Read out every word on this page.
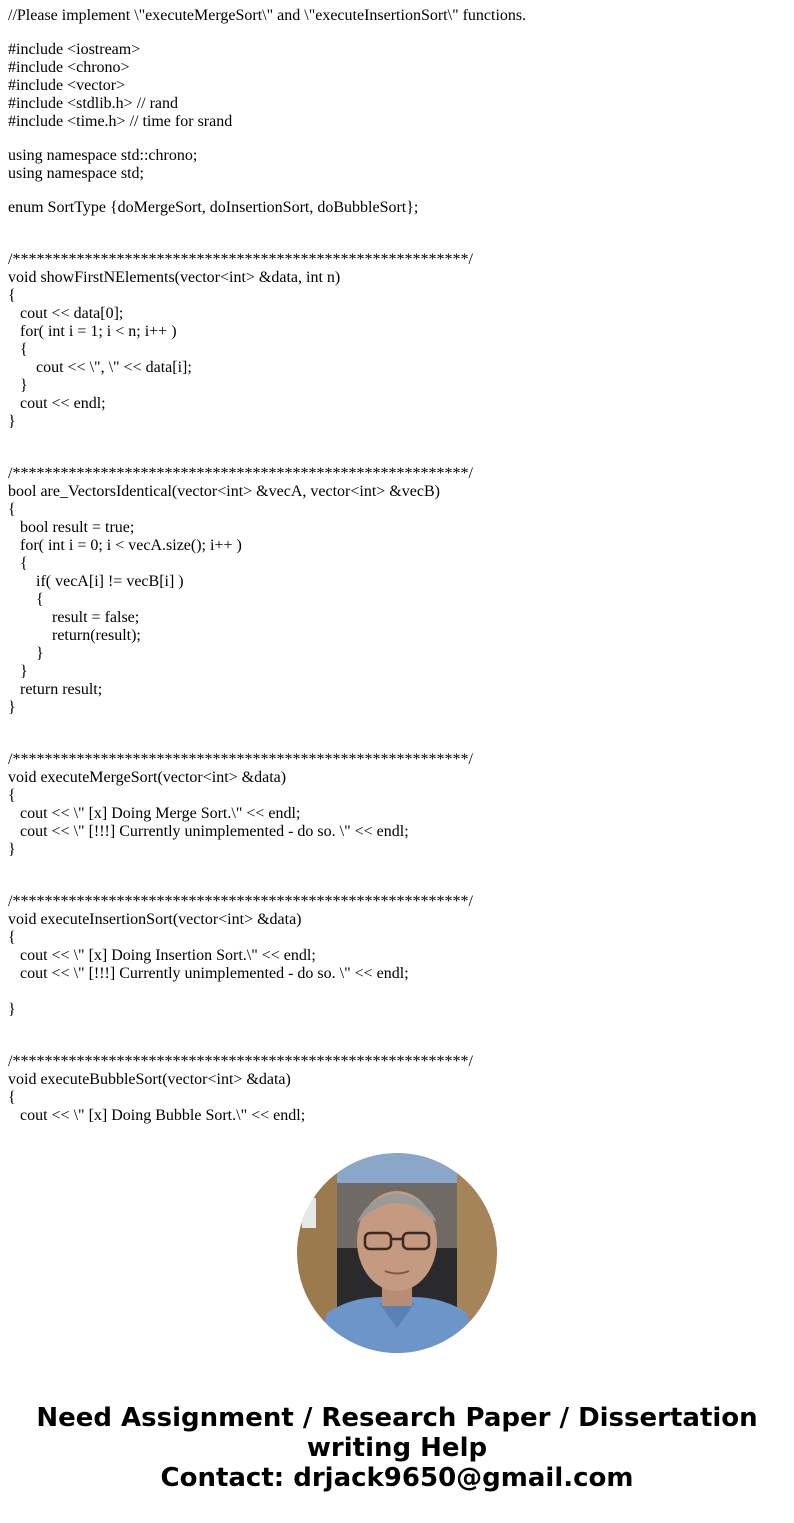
//Please implement \"executeMergeSort\" and \"executeInsertionSort\" functions.
#include <iostream>
#include <chrono>
#include <vector>
#include <stdlib.h> // rand
#include <time.h> // time for srand
using namespace std::chrono;
using namespace std;
enum SortType {doMergeSort, doInsertionSort, doBubbleSort};
/*********************************************************/
void showFirstNElements(vector<int> &data, int n)
{
cout << data[0];
for( int i = 1; i < n; i++ )
{
cout << \", \" << data[i];
}
cout << endl;
}
/*********************************************************/
bool are_VectorsIdentical(vector<int> &vecA, vector<int> &vecB)
{
bool result = true;
for( int i = 0; i < vecA.size(); i++ )
{
if( vecA[i] != vecB[i] )
{
result = false;
return(result);
}
}
return result;
}
/*********************************************************/
void executeMergeSort(vector<int> &data)
{
cout << \" [x] Doing Merge Sort.\" << endl;
cout << \" [!!!] Currently unimplemented - do so. \" << endl;
}
/*********************************************************/
void executeInsertionSort(vector<int> &data)
{
cout << \" [x] Doing Insertion Sort.\" << endl;
cout << \" [!!!] Currently unimplemented - do so. \" << endl;
}
/*********************************************************/
void executeBubbleSort(vector<int> &data)
{
cout << \" [x] Doing Bubble Sort.\" << endl;
Need Assignment / Research Paper / Dissertation
writing Help
Contact: drjack9650@gmail.com
